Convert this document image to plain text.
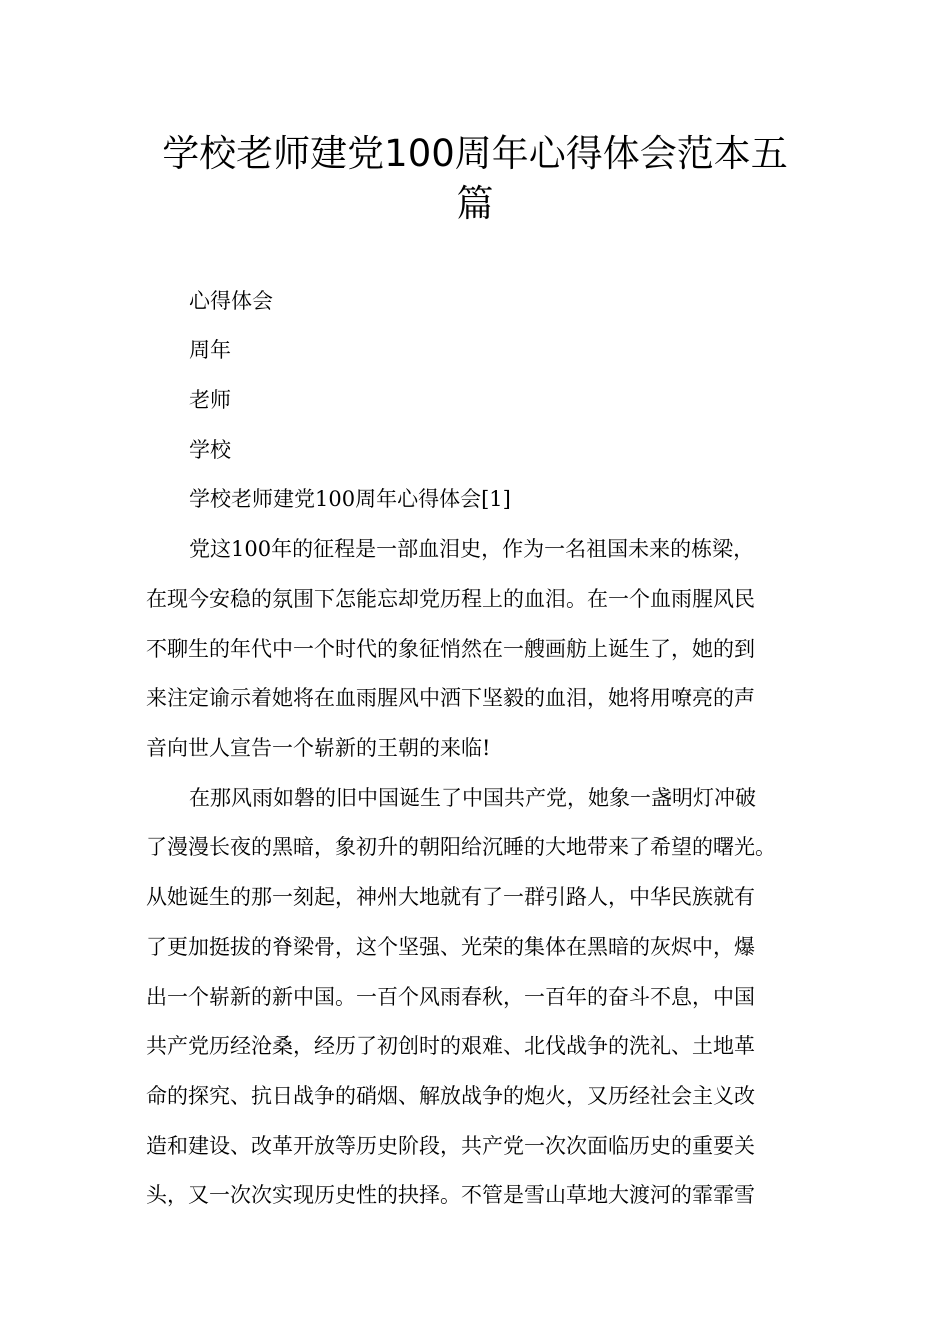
学校老师建党100周年心得体会范本五
篇
心得体会
周年
老师
学校
学校老师建党100周年心得体会[1]
党这100年的征程是一部血泪史，作为一名祖国未来的栋梁，
在现今安稳的氛围下怎能忘却党历程上的血泪。在一个血雨腥风民
不聊生的年代中一个时代的象征悄然在一艘画舫上诞生了，她的到
来注定谕示着她将在血雨腥风中洒下坚毅的血泪，她将用嘹亮的声
音向世人宣告一个崭新的王朝的来临!
在那风雨如磐的旧中国诞生了中国共产党，她象一盏明灯冲破
了漫漫长夜的黑暗，象初升的朝阳给沉睡的大地带来了希望的曙光。
从她诞生的那一刻起，神州大地就有了一群引路人，中华民族就有
了更加挺拔的脊梁骨，这个坚强、光荣的集体在黑暗的灰烬中，爆
出一个崭新的新中国。一百个风雨春秋，一百年的奋斗不息，中国
共产党历经沧桑，经历了初创时的艰难、北伐战争的洗礼、土地革
命的探究、抗日战争的硝烟、解放战争的炮火，又历经社会主义改
造和建设、改革开放等历史阶段，共产党一次次面临历史的重要关
头，又一次次实现历史性的抉择。不管是雪山草地大渡河的霏霏雪
